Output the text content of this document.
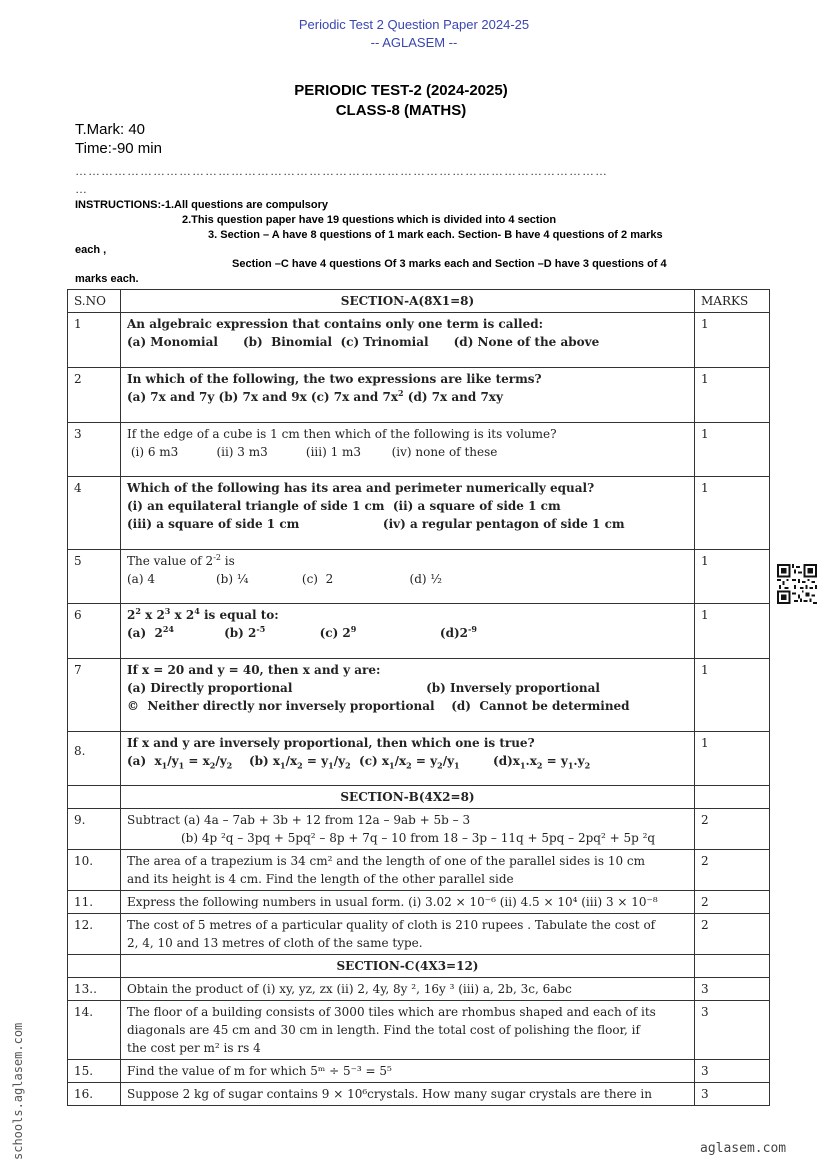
Periodic Test 2 Question Paper 2024-25
-- AGLASEM --
PERIODIC TEST-2 (2024-2025)
CLASS-8 (MATHS)
T.Mark: 40
Time:-90 min
……………………………………………………………………………………………………………
…
INSTRUCTIONS:-1.All questions are compulsory
2.This question paper have 19 questions which is divided into 4 section
3. Section – A have 8 questions of 1 mark each. Section- B have 4 questions of 2 marks
each ,
Section –C have 4 questions Of 3 marks each and Section –D have 3 questions of 4
marks each.
S.NO	SECTION-A(8X1=8)	MARKS
1	An algebraic expression that contains only one term is called:
(a) Monomial      (b)  Binomial  (c) Trinomial      (d) None of the above	1
2	In which of the following, the two expressions are like terms?
(a) 7x and 7y (b) 7x and 9x (c) 7x and $7x^2$ (d) 7x and 7xy	1
3	If the edge of a cube is 1 cm then which of the following is its volume?
(i) 6 m3          (ii) 3 m3          (iii) 1 m3        (iv) none of these	1
4	Which of the following has its area and perimeter numerically equal?
(i) an equilateral triangle of side 1 cm  (ii) a square of side 1 cm
(iii) a square of side 1 cm                    (iv) a regular pentagon of side 1 cm	1
5	The value of $2^{-2}$ is
(a) 4                (b) ¼              (c)  2                    (d) ½	1
6	$2^2$ x $2^3$ x $2^4$ is equal to:
(a)  $2^{24}$            (b) $2^{-5}$             (c) $2^9$                    $(d)2^{-9}$	1
7	If x = 20 and y = 40, then x and y are:
(a) Directly proportional                                (b) Inversely proportional
©  Neither directly nor inversely proportional    (d)  Cannot be determined	1

8.	If x and y are inversely proportional, then which one is true?
(a)  $x_1/y_1 = x_2/y_2$    (b) $x_1/x_2 = y_1/y_2$  (c) $x_1/x_2 = y_2/y_1$        $(d)x_1.x_2 = y_1.y_2$	1
	SECTION-B(4X2=8)	
9.	Subtract (a) 4a – 7ab + 3b + 12 from 12a – 9ab + 5b – 3
(b) 4p ²q – 3pq + 5pq² – 8p + 7q – 10 from 18 – 3p – 11q + 5pq – 2pq² + 5p ²q	2
10.	The area of a trapezium is 34 cm² and the length of one of the parallel sides is 10 cm
and its height is 4 cm. Find the length of the other parallel side	2
11.	Express the following numbers in usual form. (i) 3.02 × 10⁻⁶ (ii) 4.5 × 10⁴ (iii) 3 × 10⁻⁸	2
12.	The cost of 5 metres of a particular quality of cloth is 210 rupees . Tabulate the cost of
2, 4, 10 and 13 metres of cloth of the same type.	2
	SECTION-C(4X3=12)	
13..	Obtain the product of (i) xy, yz, zx (ii) 2, 4y, 8y ², 16y ³ (iii) a, 2b, 3c, 6abc	3
14.	The floor of a building consists of 3000 tiles which are rhombus shaped and each of its
diagonals are 45 cm and 30 cm in length. Find the total cost of polishing the floor, if
the cost per m² is rs 4	3
15.	Find the value of m for which 5ᵐ ÷ 5⁻³ = 5⁵	3
16.	Suppose 2 kg of sugar contains 9 × 10⁶crystals. How many sugar crystals are there in	3
schools.aglasem.com	aglasem.com
